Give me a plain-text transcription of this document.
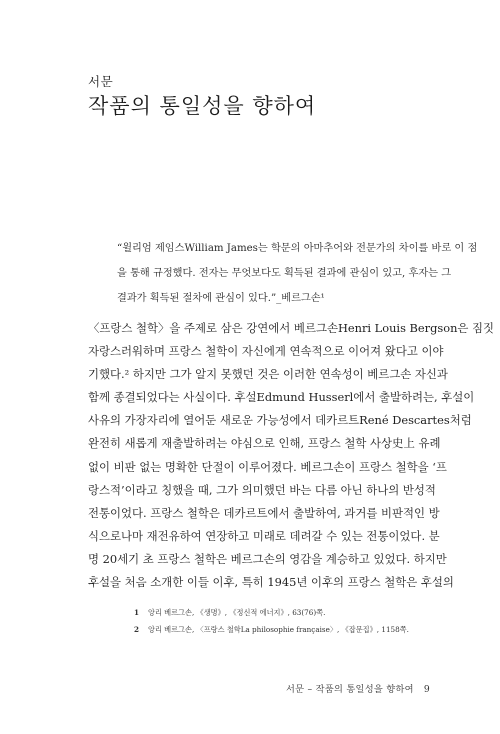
서문
작품의 통일성을 향하여
“윌리엄 제임스William James는 학문의 아마추어와 전문가의 차이를 바로 이 점
을 통해 규정했다. 전자는 무엇보다도 획득된 결과에 관심이 있고, 후자는 그
결과가 획득된 절차에 관심이 있다.”_베르그손¹
〈프랑스 철학〉을 주제로 삼은 강연에서 베르그손Henri Louis Bergson은 짐짓
자랑스러워하며 프랑스 철학이 자신에게 연속적으로 이어져 왔다고 이야
기했다.² 하지만 그가 알지 못했던 것은 이러한 연속성이 베르그손 자신과
함께 종결되었다는 사실이다. 후설Edmund Husserl에서 출발하려는, 후설이
사유의 가장자리에 열어둔 새로운 가능성에서 데카르트René Descartes처럼
완전히 새롭게 재출발하려는 야심으로 인해, 프랑스 철학 사상史上 유례
없이 비판 없는 명확한 단절이 이루어졌다. 베르그손이 프랑스 철학을 ‘프
랑스적’이라고 칭했을 때, 그가 의미했던 바는 다름 아닌 하나의 반성적
전통이었다. 프랑스 철학은 데카르트에서 출발하여, 과거를 비판적인 방
식으로나마 재전유하여 연장하고 미래로 데려갈 수 있는 전통이었다. 분
명 20세기 초 프랑스 철학은 베르그손의 영감을 계승하고 있었다. 하지만
후설을 처음 소개한 이들 이후, 특히 1945년 이후의 프랑스 철학은 후설의
1	앙리 베르그손, 《생명》, 《정신적 에너지》, 63(76)쪽.
2	앙리 베르그손, 〈프랑스 철학La philosophie française〉, 《잡문집》, 1158쪽.
서문 – 작품의 통일성을 향하여 9
